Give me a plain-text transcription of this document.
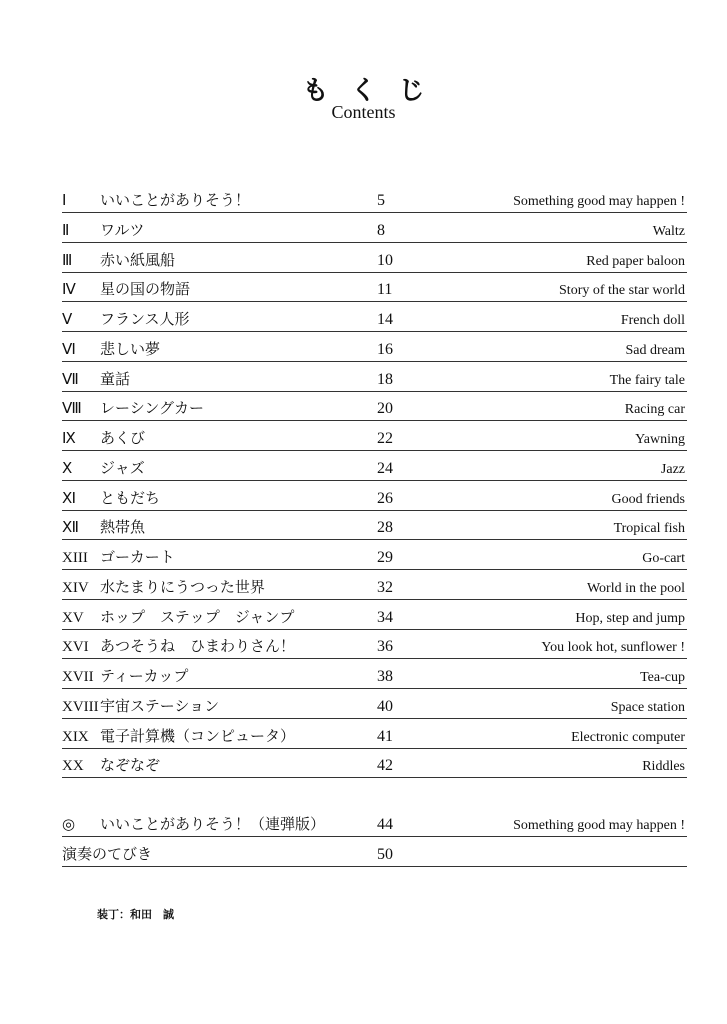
もくじ
Contents
Ⅰ いいことがありそう！	5	Something good may happen !
Ⅱ ワルツ	8	Waltz
Ⅲ 赤い紙風船	10	Red paper baloon
Ⅳ 星の国の物語	11	Story of the star world
Ⅴ フランス人形	14	French doll
Ⅵ 悲しい夢	16	Sad dream
Ⅶ 童話	18	The fairy tale
Ⅷ レーシングカー	20	Racing car
Ⅸ あくび	22	Yawning
Ⅹ ジャズ	24	Jazz
Ⅺ ともだち	26	Good friends
Ⅻ 熱帯魚	28	Tropical fish
XIII ゴーカート	29	Go-cart
XIV 水たまりにうつった世界	32	World in the pool
XV ホップ　ステップ　ジャンプ	34	Hop, step and jump
XVI あつそうね　ひまわりさん！	36	You look hot, sunflower !
XVII ティーカップ	38	Tea-cup
XVIII 宇宙ステーション	40	Space station
XIX 電子計算機（コンピュータ）	41	Electronic computer
XX なぞなぞ	42	Riddles
◎ いいことがありそう！（連弾版）	44	Something good may happen !
演奏のてびき	50
装丁：和田　誠
